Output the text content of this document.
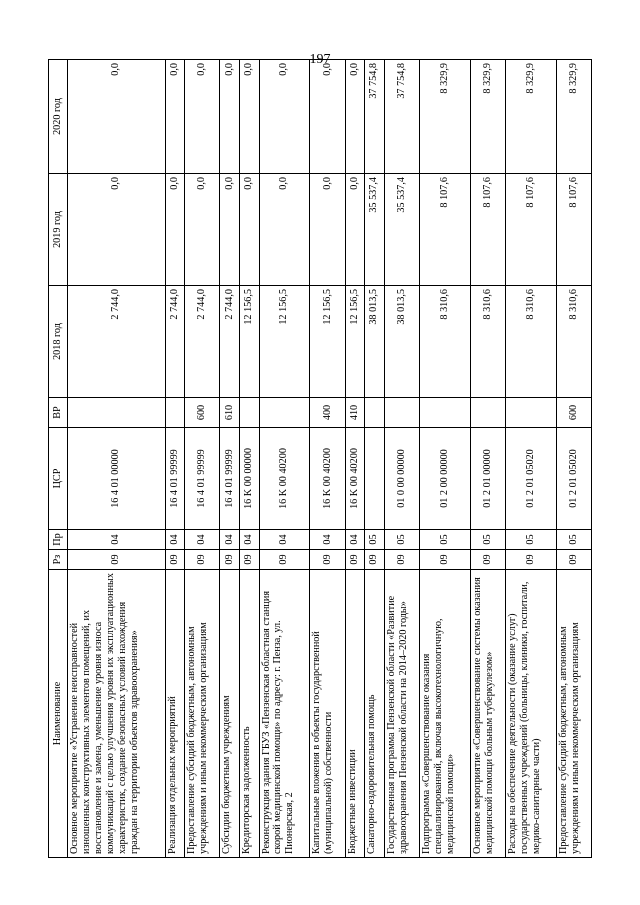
197
Наименование	Рз	Пр	ЦСР	ВР	2018 год	2019 год	2020 год
Основное мероприятие «Устранение неисправностей изношенных конструктивных элементов помещений, их восстановление и замена, уменьшение уровня износа коммуникаций с целью улучшения уровня их эксплуатационных характеристик, создание безопасных условий нахождения граждан на территории объектов здравоохранения»	09	04	16 4 01 00000		2 744,0	0,0	0,0
Реализация отдельных мероприятий	09	04	16 4 01 99999		2 744,0	0,0	0,0
Предоставление субсидий бюджетным, автономным учреждениям и иным некоммерческим организациям	09	04	16 4 01 99999	600	2 744,0	0,0	0,0
Субсидии бюджетным учреждениям	09	04	16 4 01 99999	610	2 744,0	0,0	0,0
Кредиторская задолженность	09	04	16 K 00 00000		12 156,5	0,0	0,0
Реконструкция здания ГБУЗ «Пензенская областная станция скорой медицинской помощи» по адресу: г. Пенза, ул. Пионерская, 2	09	04	16 K 00 40200		12 156,5	0,0	0,0
Капитальные вложения в объекты государственной (муниципальной) собственности	09	04	16 K 00 40200	400	12 156,5	0,0	0,0
Бюджетные инвестиции	09	04	16 K 00 40200	410	12 156,5	0,0	0,0
Санаторно-оздоровительная помощь	09	05			38 013,5	35 537,4	37 754,8
Государственная программа Пензенской области «Развитие здравоохранения Пензенской области на 2014–2020 годы»	09	05	01 0 00 00000		38 013,5	35 537,4	37 754,8
Подпрограмма «Совершенствование оказания специализированной, включая высокотехнологичную, медицинской помощи»	09	05	01 2 00 00000		8 310,6	8 107,6	8 329,9
Основное мероприятие «Совершенствование системы оказания медицинской помощи больным туберкулезом»	09	05	01 2 01 00000		8 310,6	8 107,6	8 329,9
Расходы на обеспечение деятельности (оказание услуг) государственных учреждений (больницы, клиники, госпитали, медико-санитарные части)	09	05	01 2 01 05020		8 310,6	8 107,6	8 329,9
Предоставление субсидий бюджетным, автономным учреждениям и иным некоммерческим организациям	09	05	01 2 01 05020	600	8 310,6	8 107,6	8 329,9
